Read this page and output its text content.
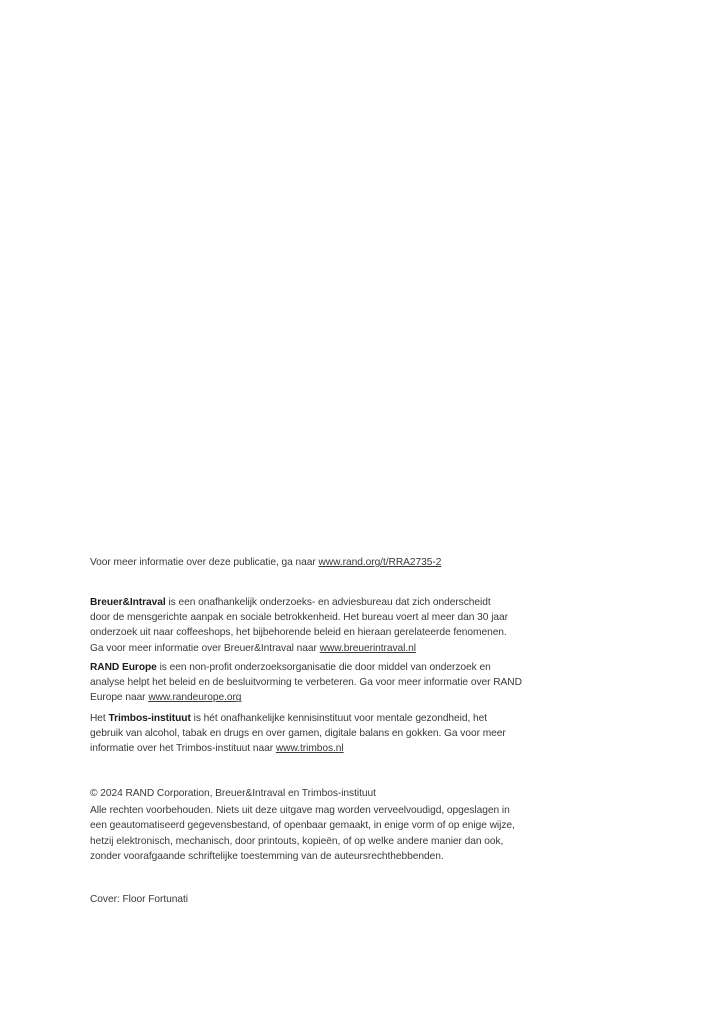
Voor meer informatie over deze publicatie, ga naar www.rand.org/t/RRA2735-2
Breuer&Intraval is een onafhankelijk onderzoeks- en adviesbureau dat zich onderscheidt
door de mensgerichte aanpak en sociale betrokkenheid. Het bureau voert al meer dan 30 jaar
onderzoek uit naar coffeeshops, het bijbehorende beleid en hieraan gerelateerde fenomenen.
Ga voor meer informatie over Breuer&Intraval naar www.breuerintraval.nl
RAND Europe is een non-profit onderzoeksorganisatie die door middel van onderzoek en
analyse helpt het beleid en de besluitvorming te verbeteren. Ga voor meer informatie over RAND
Europe naar www.randeurope.org
Het Trimbos-instituut is hét onafhankelijke kennisinstituut voor mentale gezondheid, het
gebruik van alcohol, tabak en drugs en over gamen, digitale balans en gokken. Ga voor meer
informatie over het Trimbos-instituut naar www.trimbos.nl
© 2024 RAND Corporation, Breuer&Intraval en Trimbos-instituut
Alle rechten voorbehouden. Niets uit deze uitgave mag worden verveelvoudigd, opgeslagen in
een geautomatiseerd gegevensbestand, of openbaar gemaakt, in enige vorm of op enige wijze,
hetzij elektronisch, mechanisch, door printouts, kopieën, of op welke andere manier dan ook,
zonder voorafgaande schriftelijke toestemming van de auteursrechthebbenden.
Cover: Floor Fortunati
